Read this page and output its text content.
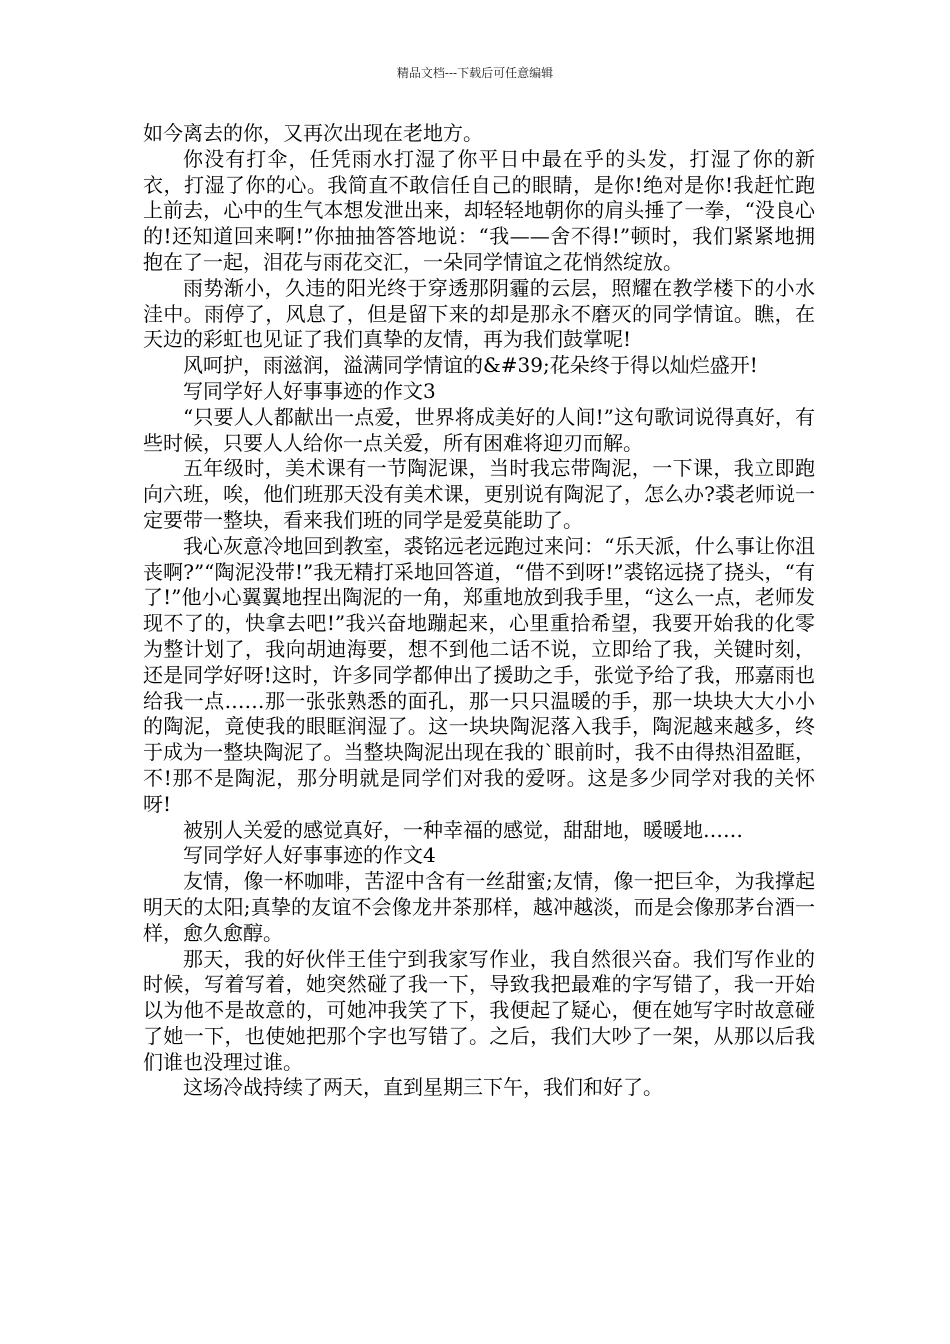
精品文档---下载后可任意编辑

如今离去的你，又再次出现在老地方。

你没有打伞，任凭雨水打湿了你平日中最在乎的头发，打湿了你的新衣，打湿了你的心。我简直不敢信任自己的眼睛，是你!绝对是你!我赶忙跑上前去，心中的生气本想发泄出来，却轻轻地朝你的肩头捶了一拳，“没良心的!还知道回来啊!”你抽抽答答地说：“我——舍不得!”顿时，我们紧紧地拥抱在了一起，泪花与雨花交汇，一朵同学情谊之花悄然绽放。

雨势渐小，久违的阳光终于穿透那阴霾的云层，照耀在教学楼下的小水洼中。雨停了，风息了，但是留下来的却是那永不磨灭的同学情谊。瞧，在天边的彩虹也见证了我们真挚的友情，再为我们鼓掌呢!

风呵护，雨滋润，溢满同学情谊的&#39;花朵终于得以灿烂盛开!

写同学好人好事事迹的作文3

“只要人人都献出一点爱，世界将成美好的人间!”这句歌词说得真好，有些时候，只要人人给你一点关爱，所有困难将迎刃而解。

五年级时，美术课有一节陶泥课，当时我忘带陶泥，一下课，我立即跑向六班，唉，他们班那天没有美术课，更别说有陶泥了，怎么办?裘老师说一定要带一整块，看来我们班的同学是爱莫能助了。

我心灰意冷地回到教室，裘铭远老远跑过来问：“乐天派，什么事让你沮丧啊?”“陶泥没带!”我无精打采地回答道，“借不到呀!”裘铭远挠了挠头，“有了!”他小心翼翼地捏出陶泥的一角，郑重地放到我手里，“这么一点，老师发现不了的，快拿去吧!”我兴奋地蹦起来，心里重拾希望，我要开始我的化零为整计划了，我向胡迪海要，想不到他二话不说，立即给了我，关键时刻，还是同学好呀!这时，许多同学都伸出了援助之手，张觉予给了我，邢嘉雨也给我一点……那一张张熟悉的面孔，那一只只温暖的手，那一块块大大小小的陶泥，竟使我的眼眶润湿了。这一块块陶泥落入我手，陶泥越来越多，终于成为一整块陶泥了。当整块陶泥出现在我的`眼前时，我不由得热泪盈眶，不!那不是陶泥，那分明就是同学们对我的爱呀。这是多少同学对我的关怀呀!

被别人关爱的感觉真好，一种幸福的感觉，甜甜地，暖暖地……

写同学好人好事事迹的作文4

友情，像一杯咖啡，苦涩中含有一丝甜蜜;友情，像一把巨伞，为我撑起明天的太阳;真挚的友谊不会像龙井茶那样，越冲越淡，而是会像那茅台酒一样，愈久愈醇。

那天，我的好伙伴王佳宁到我家写作业，我自然很兴奋。我们写作业的时候，写着写着，她突然碰了我一下，导致我把最难的字写错了，我一开始以为他不是故意的，可她冲我笑了下，我便起了疑心，便在她写字时故意碰了她一下，也使她把那个字也写错了。之后，我们大吵了一架，从那以后我们谁也没理过谁。

这场冷战持续了两天，直到星期三下午，我们和好了。
